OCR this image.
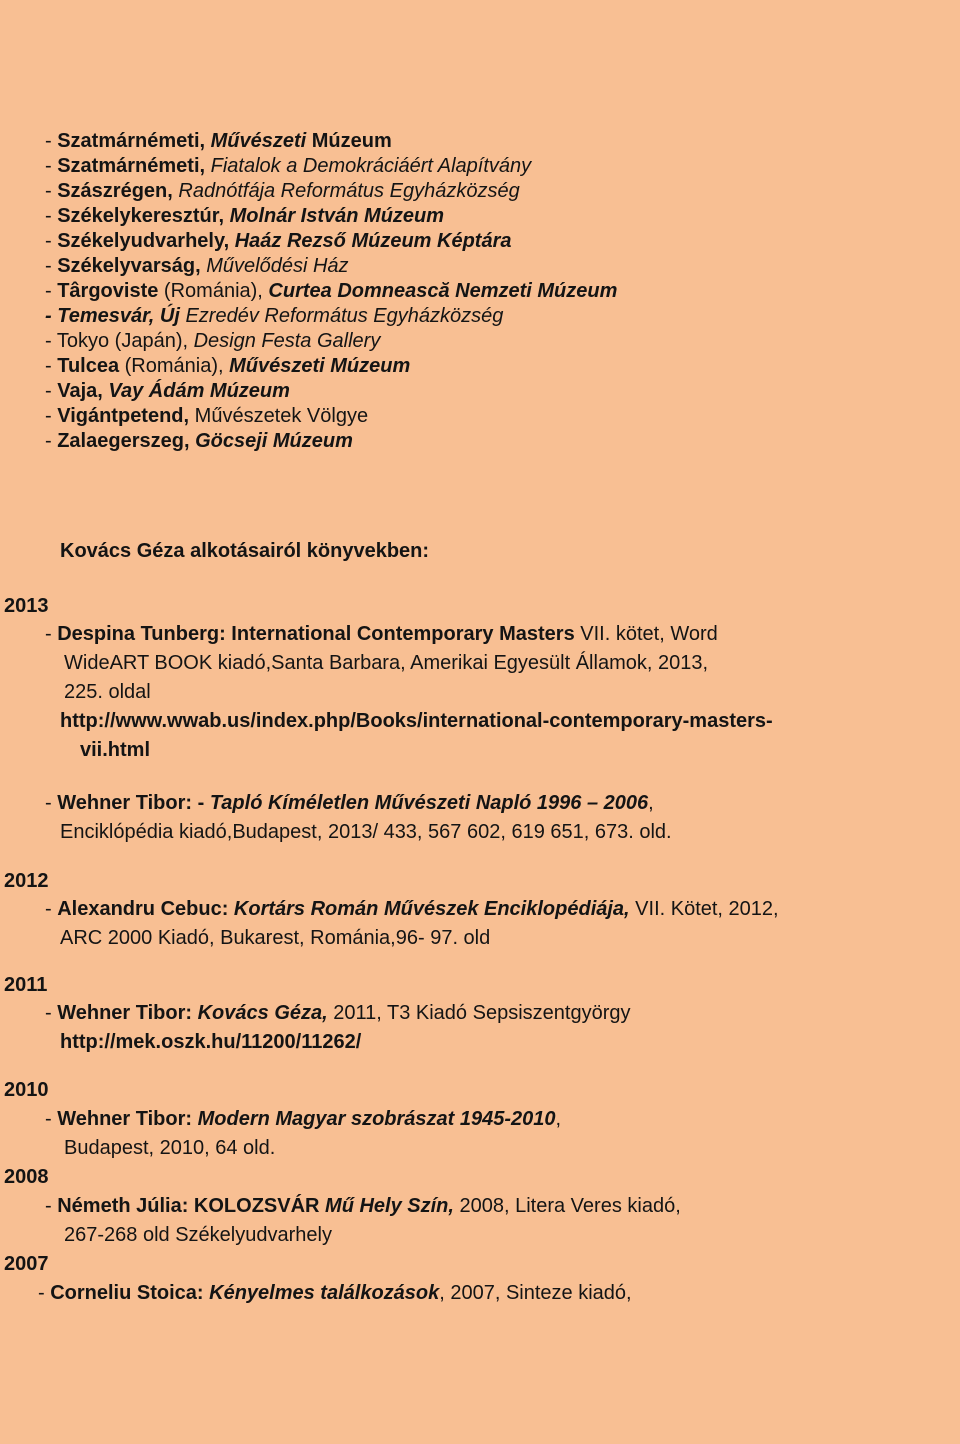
- Szatmárnémeti, Művészeti Múzeum

- Szatmárnémeti, Fiatalok a Demokráciáért Alapítvány

- Szászrégen, Radnótfája Református Egyházközség

- Székelykeresztúr, Molnár István Múzeum

- Székelyudvarhely, Haáz Rezső Múzeum Képtára

- Székelyvarság, Művelődési Ház

- Târgoviste (Románia), Curtea Domnească Nemzeti Múzeum

- Temesvár, Új Ezredév Református Egyházközség

- Tokyo (Japán), Design Festa Gallery

- Tulcea (Románia), Művészeti Múzeum

- Vaja, Vay Ádám Múzeum

- Vigántpetend, Művészetek Völgye

- Zalaegerszeg, Göcseji Múzeum

Kovács Géza alkotásairól könyvekben:

2013

- Despina Tunberg: International Contemporary Masters VII. kötet, Word

WideART BOOK kiadó,Santa Barbara, Amerikai Egyesült Államok, 2013,

225. oldal

http://www.wwab.us/index.php/Books/international-contemporary-masters-

vii.html

- Wehner Tibor: - Tapló Kíméletlen Művészeti Napló 1996 – 2006,

Enciklópédia kiadó,Budapest, 2013/ 433, 567 602, 619 651, 673. old.

2012

- Alexandru Cebuc: Kortárs Román Művészek Enciklopédiája, VII. Kötet, 2012,

ARC 2000 Kiadó, Bukarest, Románia,96- 97. old

2011

- Wehner Tibor: Kovács Géza, 2011, T3 Kiadó Sepsiszentgyörgy

http://mek.oszk.hu/11200/11262/

2010

- Wehner Tibor: Modern Magyar szobrászat 1945-2010,

Budapest, 2010, 64 old.

2008

- Németh Júlia: KOLOZSVÁR Mű Hely Szín, 2008, Litera Veres kiadó,

267-268 old Székelyudvarhely

2007

- Corneliu Stoica: Kényelmes találkozások, 2007, Sinteze kiadó,
